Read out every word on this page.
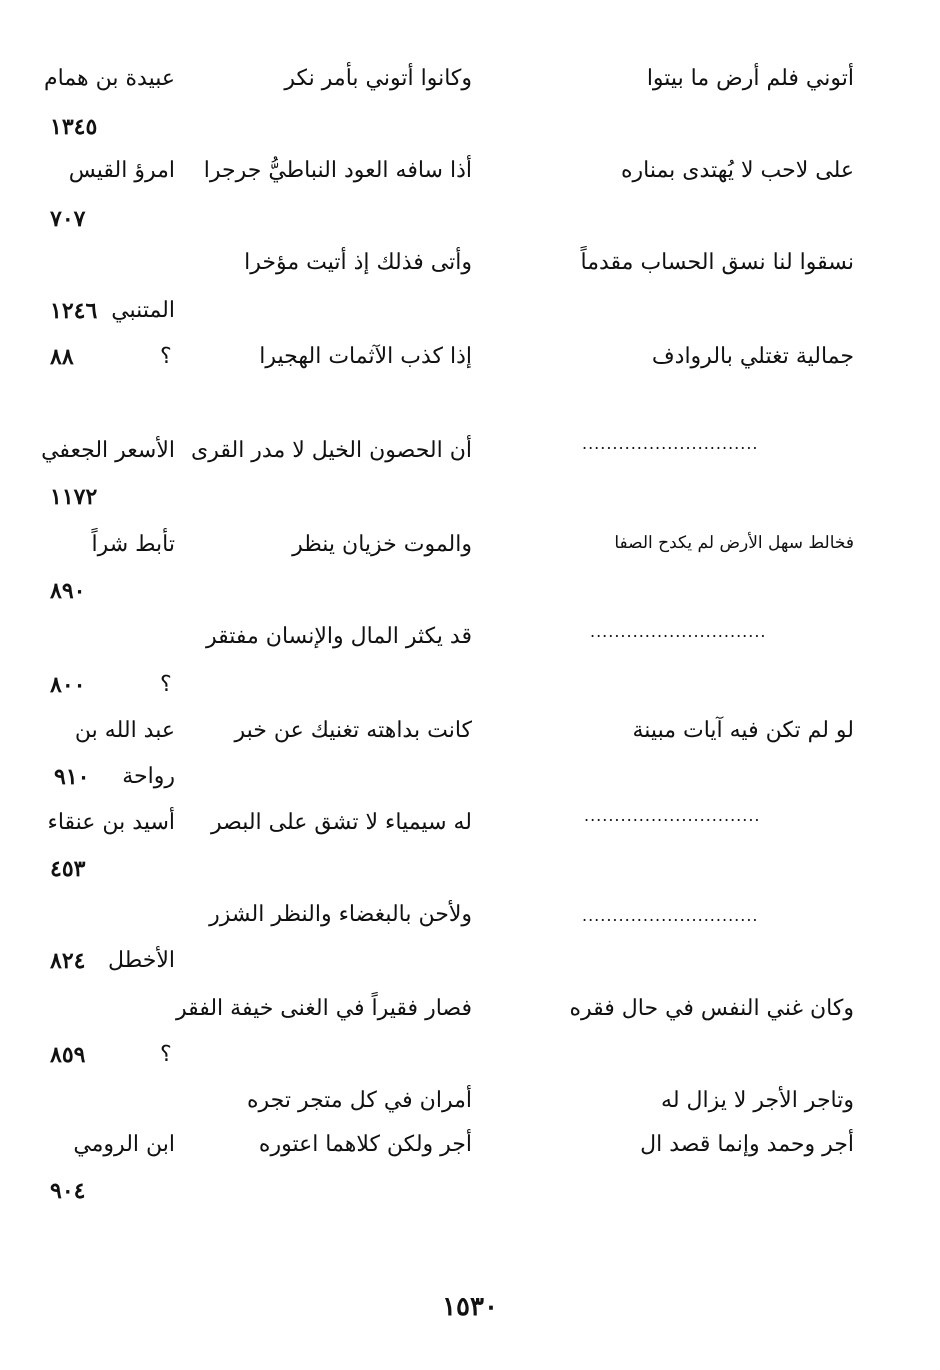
أتوني فلم أرض ما بيتوا
وكانوا أتوني بأمر نكر
عبيدة بن همام
١٣٤٥
على لاحب لا يُهتدى بمناره
أذا سافه العود النباطيُّ جرجرا
امرؤ القيس
٧٠٧
نسقوا لنا نسق الحساب مقدماً
وأتى فذلك إذ أتيت مؤخرا
المتنبي
١٢٤٦
جمالية تغتلي بالروادف
إذا كذب الآثمات الهجيرا
؟
٨٨
.............................
أن الحصون الخيل لا مدر القرى
الأسعر الجعفي
١١٧٢
فخالط سهل الأرض لم يكدح الصفا
والموت خزيان ينظر
تأبط شراً
٨٩٠
.............................
قد يكثر المال والإنسان مفتقر
؟
٨٠٠
لو لم تكن فيه آيات مبينة
كانت بداهته تغنيك عن خبر
عبد الله بن
رواحة
٩١٠
.............................
له سيمياء لا تشق على البصر
أسيد بن عنقاء
٤٥٣
.............................
ولأحن بالبغضاء والنظر الشزر
الأخطل
٨٢٤
وكان غني النفس في حال فقره
فصار فقيراً في الغنى خيفة الفقر
؟
٨٥٩
وتاجر الأجر لا يزال له
أجر وحمد وإنما قصد ال
أمران في كل متجر تجره
أجر ولكن كلاهما اعتوره
ابن الرومي
٩٠٤
١٥٣٠
